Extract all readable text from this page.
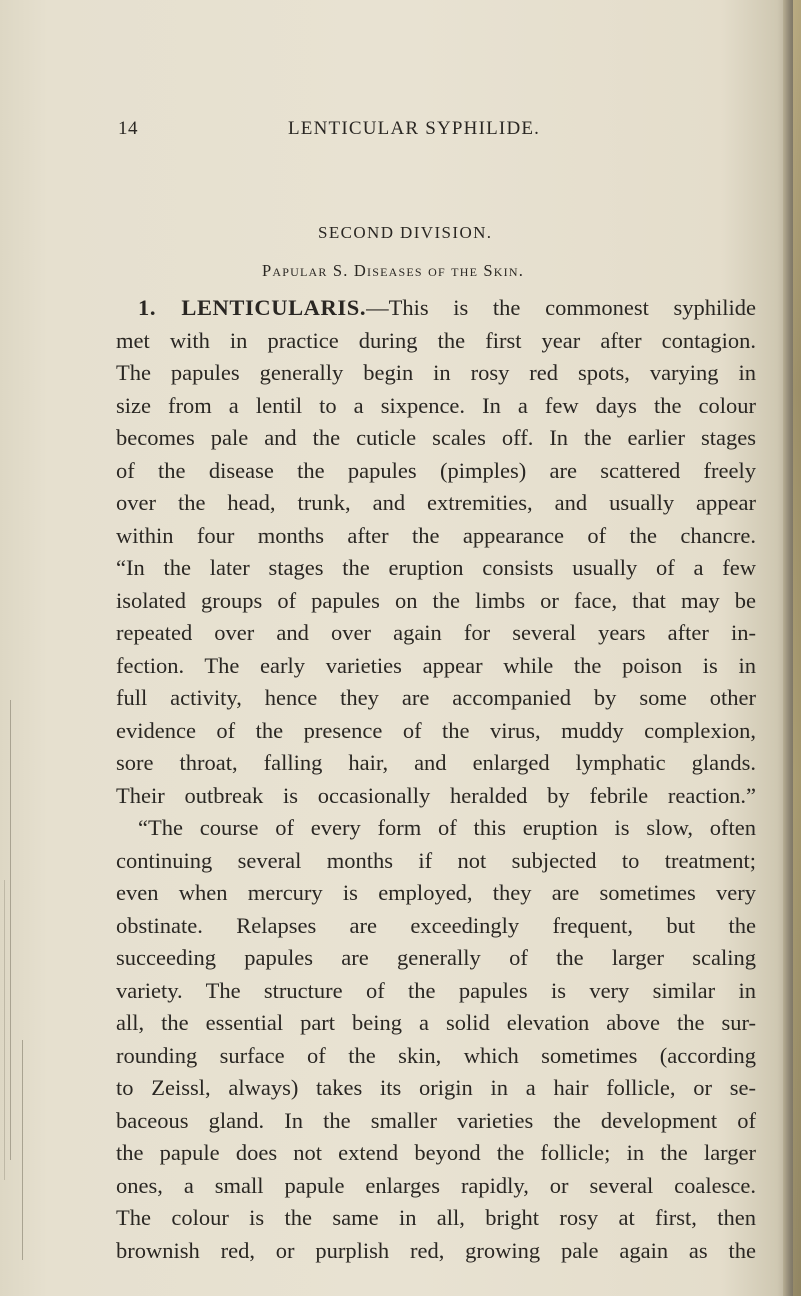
14	LENTICULAR SYPHILIDE.
SECOND DIVISION.
Papular S. Diseases of the Skin.
1. LENTICULARIS.—This is the commonest syphilide
met with in practice during the first year after contagion.
The papules generally begin in rosy red spots, varying in
size from a lentil to a sixpence. In a few days the colour
becomes pale and the cuticle scales off. In the earlier stages
of the disease the papules (pimples) are scattered freely
over the head, trunk, and extremities, and usually appear
within four months after the appearance of the chancre.
“In the later stages the eruption consists usually of a few
isolated groups of papules on the limbs or face, that may be
repeated over and over again for several years after in-
fection. The early varieties appear while the poison is in
full activity, hence they are accompanied by some other
evidence of the presence of the virus, muddy complexion,
sore throat, falling hair, and enlarged lymphatic glands.
Their outbreak is occasionally heralded by febrile reaction.”
“The course of every form of this eruption is slow, often
continuing several months if not subjected to treatment;
even when mercury is employed, they are sometimes very
obstinate. Relapses are exceedingly frequent, but the
succeeding papules are generally of the larger scaling
variety. The structure of the papules is very similar in
all, the essential part being a solid elevation above the sur-
rounding surface of the skin, which sometimes (according
to Zeissl, always) takes its origin in a hair follicle, or se-
baceous gland. In the smaller varieties the development of
the papule does not extend beyond the follicle; in the larger
ones, a small papule enlarges rapidly, or several coalesce.
The colour is the same in all, bright rosy at first, then
brownish red, or purplish red, growing pale again as the
